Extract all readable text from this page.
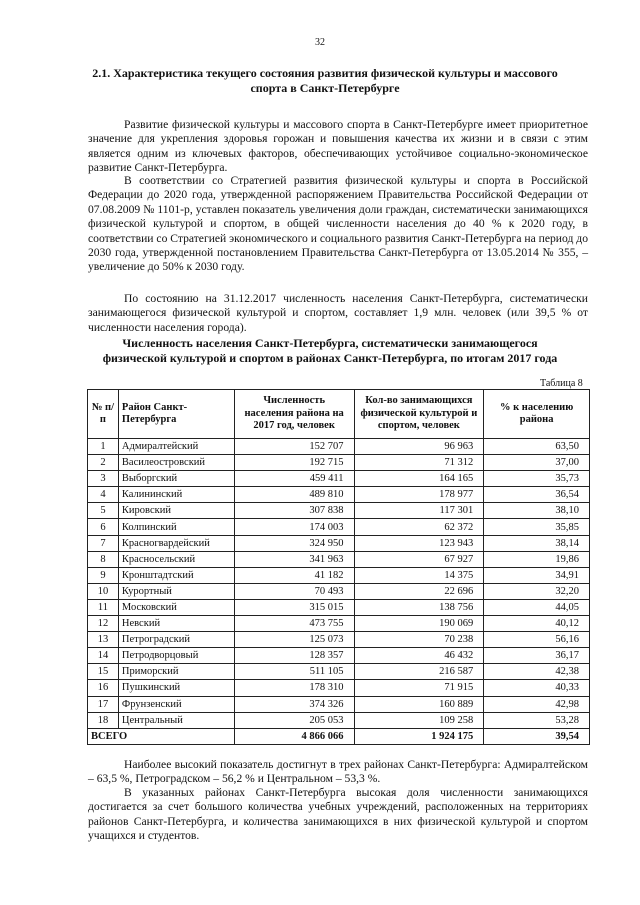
32
2.1. Характеристика текущего состояния развития физической культуры и массового спорта в Санкт-Петербурге

Развитие физической культуры и массового спорта в Санкт-Петербурге имеет приоритетное значение для укрепления здоровья горожан и повышения качества их жизни и в связи с этим является одним из ключевых факторов, обеспечивающих устойчивое социально-экономическое развитие Санкт-Петербурга.

В соответствии со Стратегией развития физической культуры и спорта в Российской Федерации до 2020 года, утвержденной распоряжением Правительства Российской Федерации от 07.08.2009 № 1101-р, уставлен показатель увеличения доли граждан, систематически занимающихся физической культурой и спортом, в общей численности населения до 40 % к 2020 году, в соответствии со Стратегией экономического и социального развития Санкт-Петербурга на период до 2030 года, утвержденной постановлением Правительства Санкт-Петербурга от 13.05.2014 № 355, – увеличение до 50% к 2030 году.

По состоянию на 31.12.2017 численность населения Санкт-Петербурга, систематически занимающегося физической культурой и спортом, составляет 1,9 млн. человек (или 39,5 % от численности населения города).

Численность населения Санкт-Петербурга, систематически занимающегося физической культурой и спортом в районах Санкт-Петербурга, по итогам 2017 года
Таблица 8
№ п/п	Район Санкт-Петербурга	Численность населения района на 2017 год, человек	Кол-во занимающихся физической культурой и спортом, человек	% к населению района
1	Адмиралтейский	152 707	96 963	63,50
2	Василеостровский	192 715	71 312	37,00
3	Выборгский	459 411	164 165	35,73
4	Калининский	489 810	178 977	36,54
5	Кировский	307 838	117 301	38,10
6	Колпинский	174 003	62 372	35,85
7	Красногвардейский	324 950	123 943	38,14
8	Красносельский	341 963	67 927	19,86
9	Кронштадтский	41 182	14 375	34,91
10	Курортный	70 493	22 696	32,20
11	Московский	315 015	138 756	44,05
12	Невский	473 755	190 069	40,12
13	Петроградский	125 073	70 238	56,16
14	Петродворцовый	128 357	46 432	36,17
15	Приморский	511 105	216 587	42,38
16	Пушкинский	178 310	71 915	40,33
17	Фрунзенский	374 326	160 889	42,98
18	Центральный	205 053	109 258	53,28
ВСЕГО		4 866 066	1 924 175	39,54

Наиболее высокий показатель достигнут в трех районах Санкт-Петербурга: Адмиралтейском – 63,5 %, Петроградском – 56,2 % и Центральном – 53,3 %.

В указанных районах Санкт-Петербурга высокая доля численности занимающихся достигается за счет большого количества учебных учреждений, расположенных на территориях районов Санкт-Петербурга, и количества занимающихся в них физической культурой и спортом учащихся и студентов.
